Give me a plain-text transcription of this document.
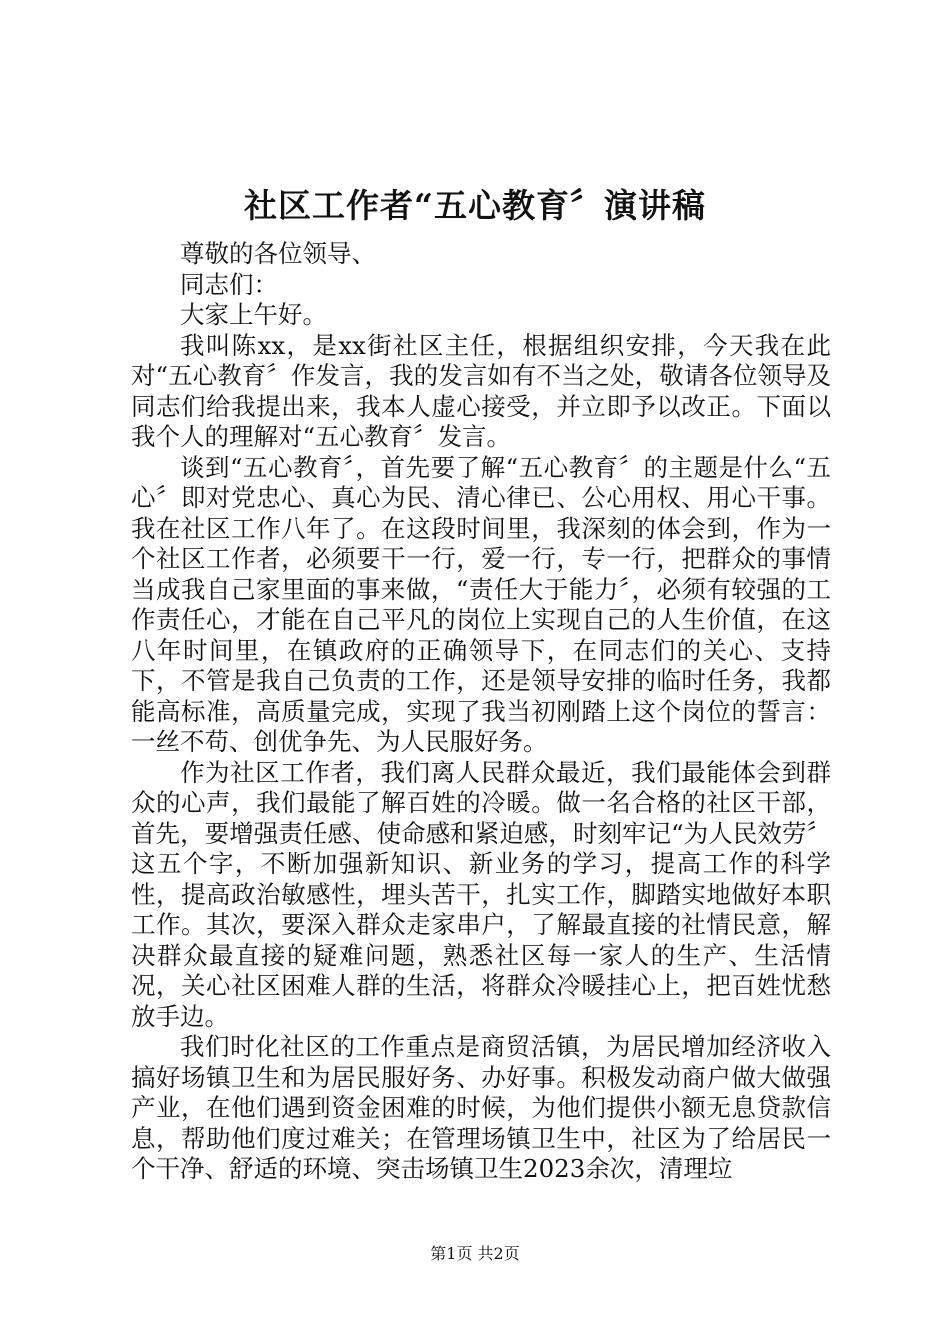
社区工作者“五心教育〞演讲稿

尊敬的各位领导、

同志们：

大家上午好。

我叫陈xx，是xx街社区主任，根据组织安排，今天我在此对“五心教育〞作发言，我的发言如有不当之处，敬请各位领导及同志们给我提出来，我本人虚心接受，并立即予以改正。下面以我个人的理解对“五心教育〞发言。

谈到“五心教育〞，首先要了解“五心教育〞的主题是什么“五心〞即对党忠心、真心为民、清心律已、公心用权、用心干事。我在社区工作八年了。在这段时间里，我深刻的体会到，作为一个社区工作者，必须要干一行，爱一行，专一行，把群众的事情当成我自己家里面的事来做，“责任大于能力〞，必须有较强的工作责任心，才能在自己平凡的岗位上实现自己的人生价值，在这八年时间里，在镇政府的正确领导下，在同志们的关心、支持下，不管是我自己负责的工作，还是领导安排的临时任务，我都能高标准，高质量完成，实现了我当初刚踏上这个岗位的誓言：一丝不苟、创优争先、为人民服好务。

作为社区工作者，我们离人民群众最近，我们最能体会到群众的心声，我们最能了解百姓的冷暖。做一名合格的社区干部，首先，要增强责任感、使命感和紧迫感，时刻牢记“为人民效劳〞这五个字，不断加强新知识、新业务的学习，提高工作的科学性，提高政治敏感性，埋头苦干，扎实工作，脚踏实地做好本职工作。其次，要深入群众走家串户，了解最直接的社情民意，解决群众最直接的疑难问题，熟悉社区每一家人的生产、生活情况，关心社区困难人群的生活，将群众冷暖挂心上，把百姓忧愁放手边。

我们时化社区的工作重点是商贸活镇，为居民增加经济收入搞好场镇卫生和为居民服好务、办好事。积极发动商户做大做强产业，在他们遇到资金困难的时候，为他们提供小额无息贷款信息，帮助他们度过难关；在管理场镇卫生中，社区为了给居民一个干净、舒适的环境、突击场镇卫生2023余次，清理垃

第1页 共2页
